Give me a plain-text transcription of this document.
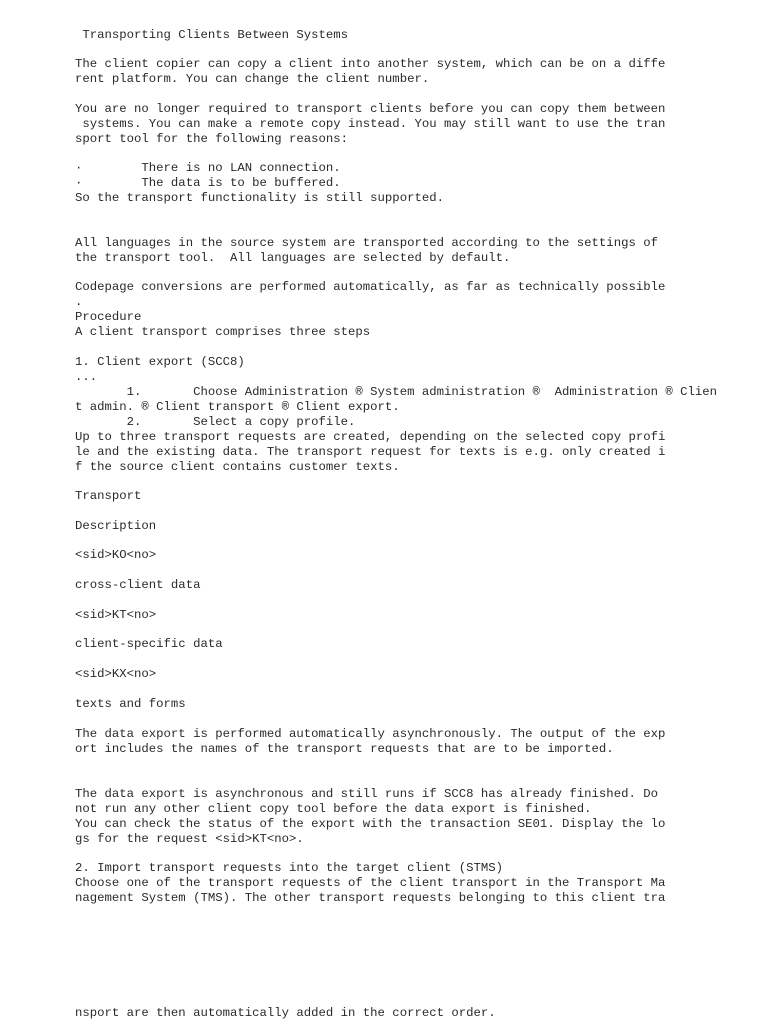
Transporting Clients Between Systems
The client copier can copy a client into another system, which can be on a diffe
rent platform. You can change the client number.
You are no longer required to transport clients before you can copy them between
systems. You can make a remote copy instead. You may still want to use the tran
sport tool for the following reasons:
·        There is no LAN connection.
·        The data is to be buffered.
So the transport functionality is still supported.
All languages in the source system are transported according to the settings of
the transport tool.  All languages are selected by default.
Codepage conversions are performed automatically, as far as technically possible
.
Procedure
A client transport comprises three steps
1. Client export (SCC8)
...
1.       Choose Administration ® System administration ®  Administration ® Clien
t admin. ® Client transport ® Client export.
2.       Select a copy profile.
Up to three transport requests are created, depending on the selected copy profi
le and the existing data. The transport request for texts is e.g. only created i
f the source client contains customer texts.
Transport
Description
<sid>KO<no>
cross-client data
<sid>KT<no>
client-specific data
<sid>KX<no>
texts and forms
The data export is performed automatically asynchronously. The output of the exp
ort includes the names of the transport requests that are to be imported.
The data export is asynchronous and still runs if SCC8 has already finished. Do
not run any other client copy tool before the data export is finished.
You can check the status of the export with the transaction SE01. Display the lo
gs for the request <sid>KT<no>.
2. Import transport requests into the target client (STMS)
Choose one of the transport requests of the client transport in the Transport Ma
nagement System (TMS). The other transport requests belonging to this client tra
nsport are then automatically added in the correct order.
